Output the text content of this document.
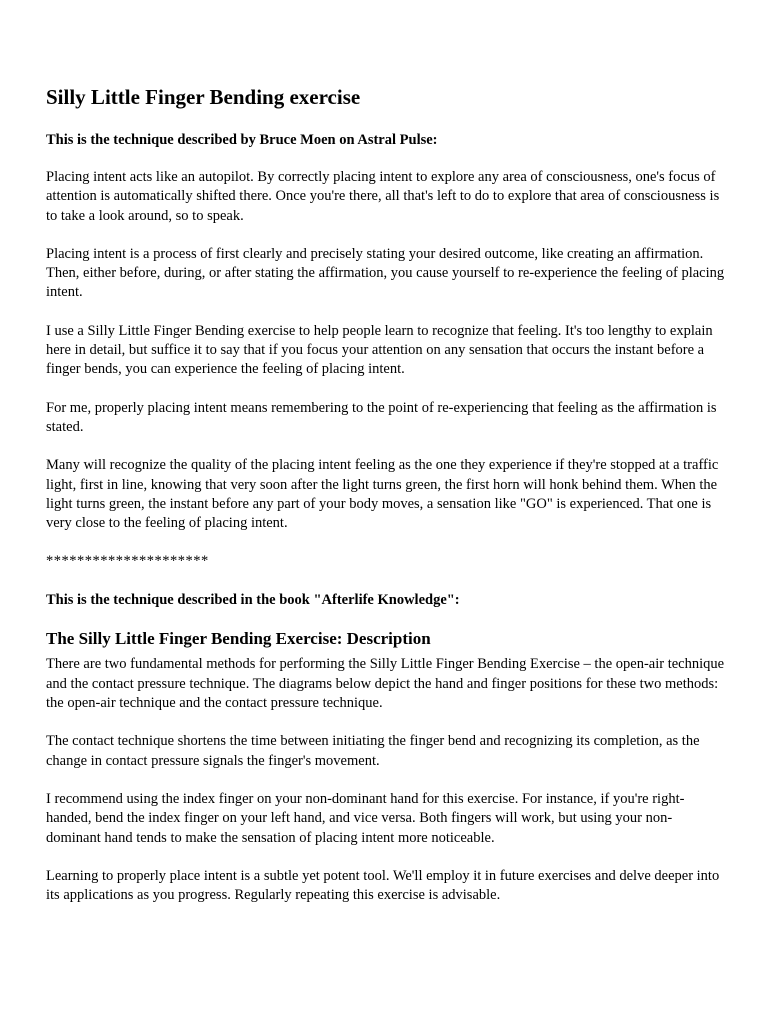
Silly Little Finger Bending exercise
This is the technique described by Bruce Moen on Astral Pulse:

Placing intent acts like an autopilot. By correctly placing intent to explore any area of consciousness, one's focus of attention is automatically shifted there. Once you're there, all that's left to do to explore that area of consciousness is to take a look around, so to speak.

Placing intent is a process of first clearly and precisely stating your desired outcome, like creating an affirmation. Then, either before, during, or after stating the affirmation, you cause yourself to re-experience the feeling of placing intent.

I use a Silly Little Finger Bending exercise to help people learn to recognize that feeling. It's too lengthy to explain here in detail, but suffice it to say that if you focus your attention on any sensation that occurs the instant before a finger bends, you can experience the feeling of placing intent.

For me, properly placing intent means remembering to the point of re-experiencing that feeling as the affirmation is stated.

Many will recognize the quality of the placing intent feeling as the one they experience if they're stopped at a traffic light, first in line, knowing that very soon after the light turns green, the first horn will honk behind them. When the light turns green, the instant before any part of your body moves, a sensation like "GO" is experienced. That one is very close to the feeling of placing intent.

*********************
This is the technique described in the book "Afterlife Knowledge":
The Silly Little Finger Bending Exercise: Description

There are two fundamental methods for performing the Silly Little Finger Bending Exercise – the open-air technique and the contact pressure technique. The diagrams below depict the hand and finger positions for these two methods: the open-air technique and the contact pressure technique.

The contact technique shortens the time between initiating the finger bend and recognizing its completion, as the change in contact pressure signals the finger's movement.

I recommend using the index finger on your non-dominant hand for this exercise. For instance, if you're right-handed, bend the index finger on your left hand, and vice versa. Both fingers will work, but using your non-dominant hand tends to make the sensation of placing intent more noticeable.

Learning to properly place intent is a subtle yet potent tool. We'll employ it in future exercises and delve deeper into its applications as you progress. Regularly repeating this exercise is advisable.
